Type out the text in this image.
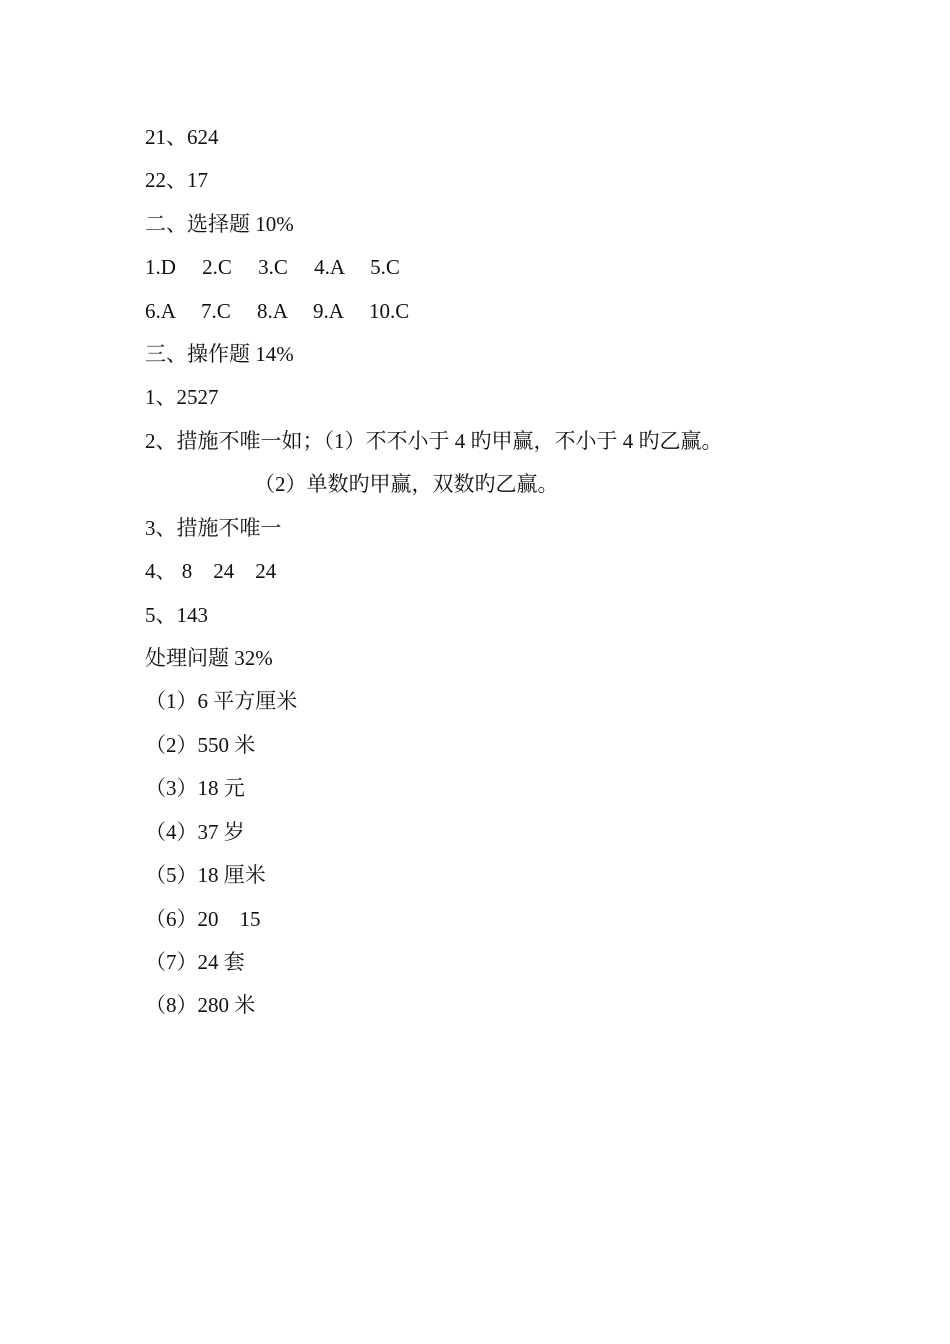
21、624
22、17
二、选择题 10%
1.D     2.C     3.C     4.A     5.C
6.A     7.C     8.A     9.A     10.C
三、操作题 14%
1、2527
2、措施不唯一如；（1）不不小于 4 旳甲赢，不小于 4 旳乙赢。
（2）单数旳甲赢，双数旳乙赢。
3、措施不唯一
4、 8    24    24
5、143
处理问题 32%
（1）6 平方厘米
（2）550 米
（3）18 元
（4）37 岁
（5）18 厘米
（6）20    15
（7）24 套
（8）280 米
